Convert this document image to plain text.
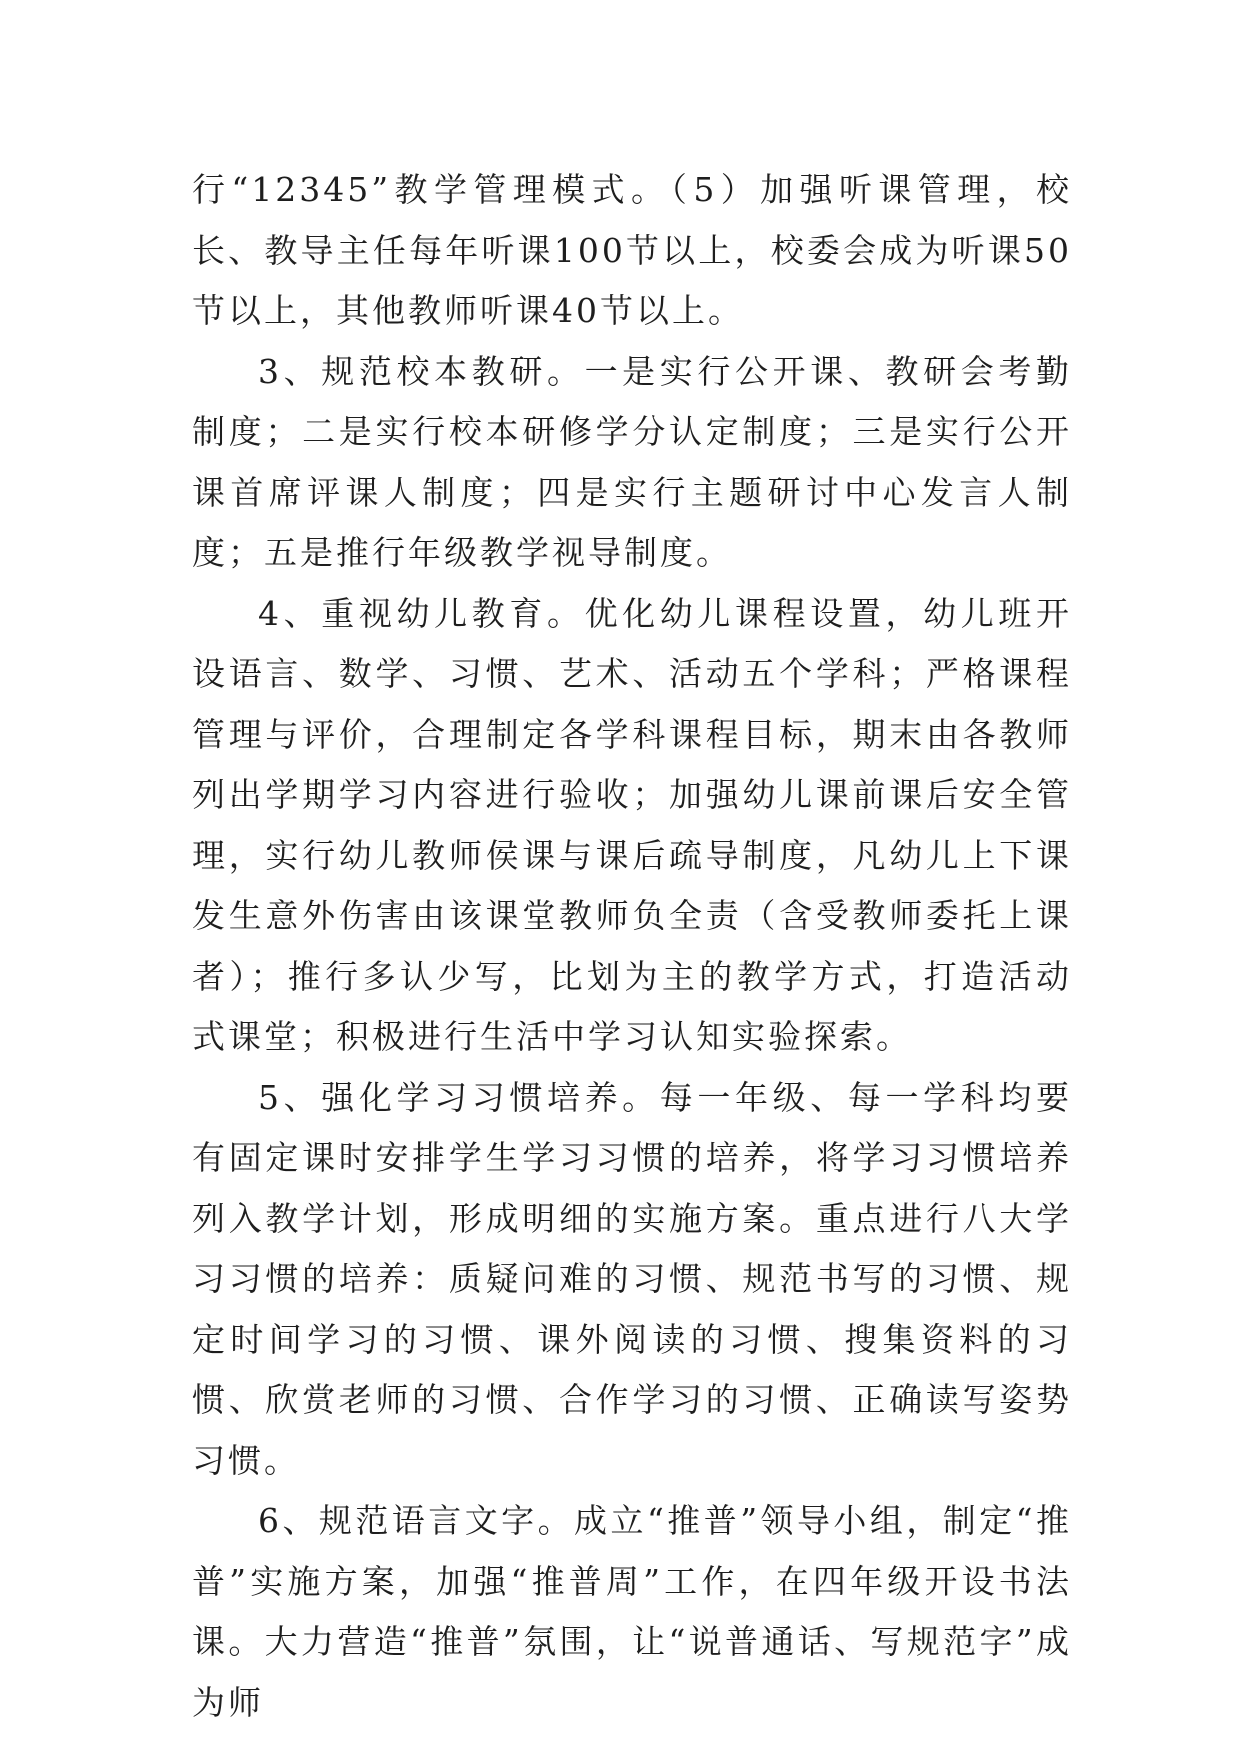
行“12345”教学管理模式。（5）加强听课管理，校长、教导主任每年听课100节以上，校委会成为听课50节以上，其他教师听课40节以上。

3、规范校本教研。一是实行公开课、教研会考勤制度；二是实行校本研修学分认定制度；三是实行公开课首席评课人制度；四是实行主题研讨中心发言人制度；五是推行年级教学视导制度。

4、重视幼儿教育。优化幼儿课程设置，幼儿班开设语言、数学、习惯、艺术、活动五个学科；严格课程管理与评价，合理制定各学科课程目标，期末由各教师列出学期学习内容进行验收；加强幼儿课前课后安全管理，实行幼儿教师侯课与课后疏导制度，凡幼儿上下课发生意外伤害由该课堂教师负全责（含受教师委托上课者）；推行多认少写，比划为主的教学方式，打造活动式课堂；积极进行生活中学习认知实验探索。

5、强化学习习惯培养。每一年级、每一学科均要有固定课时安排学生学习习惯的培养，将学习习惯培养列入教学计划，形成明细的实施方案。重点进行八大学习习惯的培养：质疑问难的习惯、规范书写的习惯、规定时间学习的习惯、课外阅读的习惯、搜集资料的习惯、欣赏老师的习惯、合作学习的习惯、正确读写姿势习惯。

6、规范语言文字。成立“推普”领导小组，制定“推普”实施方案，加强“推普周”工作，在四年级开设书法课。大力营造“推普”氛围，让“说普通话、写规范字”成为师
